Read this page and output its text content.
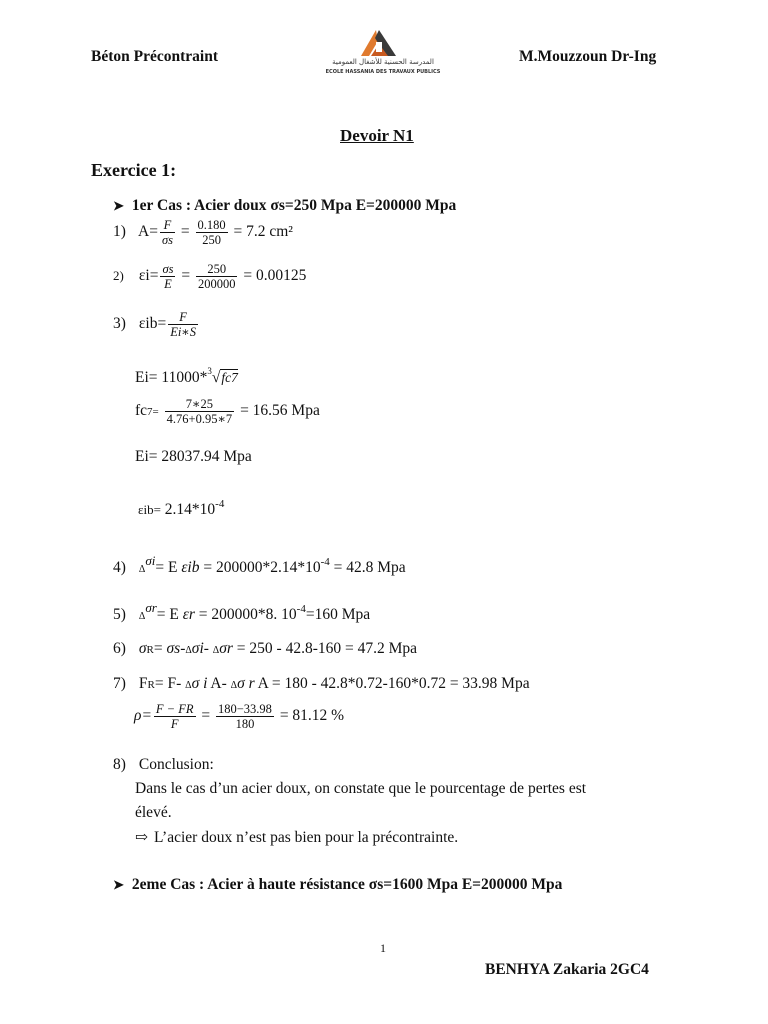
Béton Précontraint	M.Mouzzoun Dr-Ing
المدرسة الحسنية للأشغال العمومية
ECOLE HASSANIA DES TRAVAUX PUBLICS
Devoir N1
Exercice 1:
➤ 1er Cas : Acier doux σs=250 Mpa E=200000 Mpa
1) $A= \frac{F}{\sigma s} = \frac{0.180}{250} = 7.2$ cm²
2) $\varepsilon i= \frac{\sigma s}{E} = \frac{250}{200000} = 0.00125$
3) $\varepsilon ib= \frac{F}{Ei∗S}$
Ei= 11000*$^3$√fc7
$fc7= \frac{7∗25}{4.76+0.95∗7} = 16.56$ Mpa
Ei= 28037.94 Mpa
$\varepsilon ib= 2.14*10^{-4}$
4) $\Delta^{\sigma i}= E$ $\varepsilon ib = 200000*2.14*10^{-4} = 42.8$ Mpa
5) $\Delta^{\sigma r}= E$ εr = 200000*8. $10^{-4}=160$ Mpa
6) σR= σs-Δσi- Δσr = 250 - 42.8-160 = 47.2 Mpa
7) FR= F- Δσ i A- Δσ r A = 180 - 42.8*0.72-160*0.72 = 33.98 Mpa
$\rho= \frac{F - FR}{F} = \frac{180-33.98}{180} = 81.12$ %
8) Conclusion:
Dans le cas d’un acier doux, on constate que le pourcentage de pertes est
élevé.
⇨ L’acier doux n’est pas bien pour la précontrainte.
➤ 2eme Cas : Acier à haute résistance σs=1600 Mpa E=200000 Mpa
1
BENHYA Zakaria 2GC4
